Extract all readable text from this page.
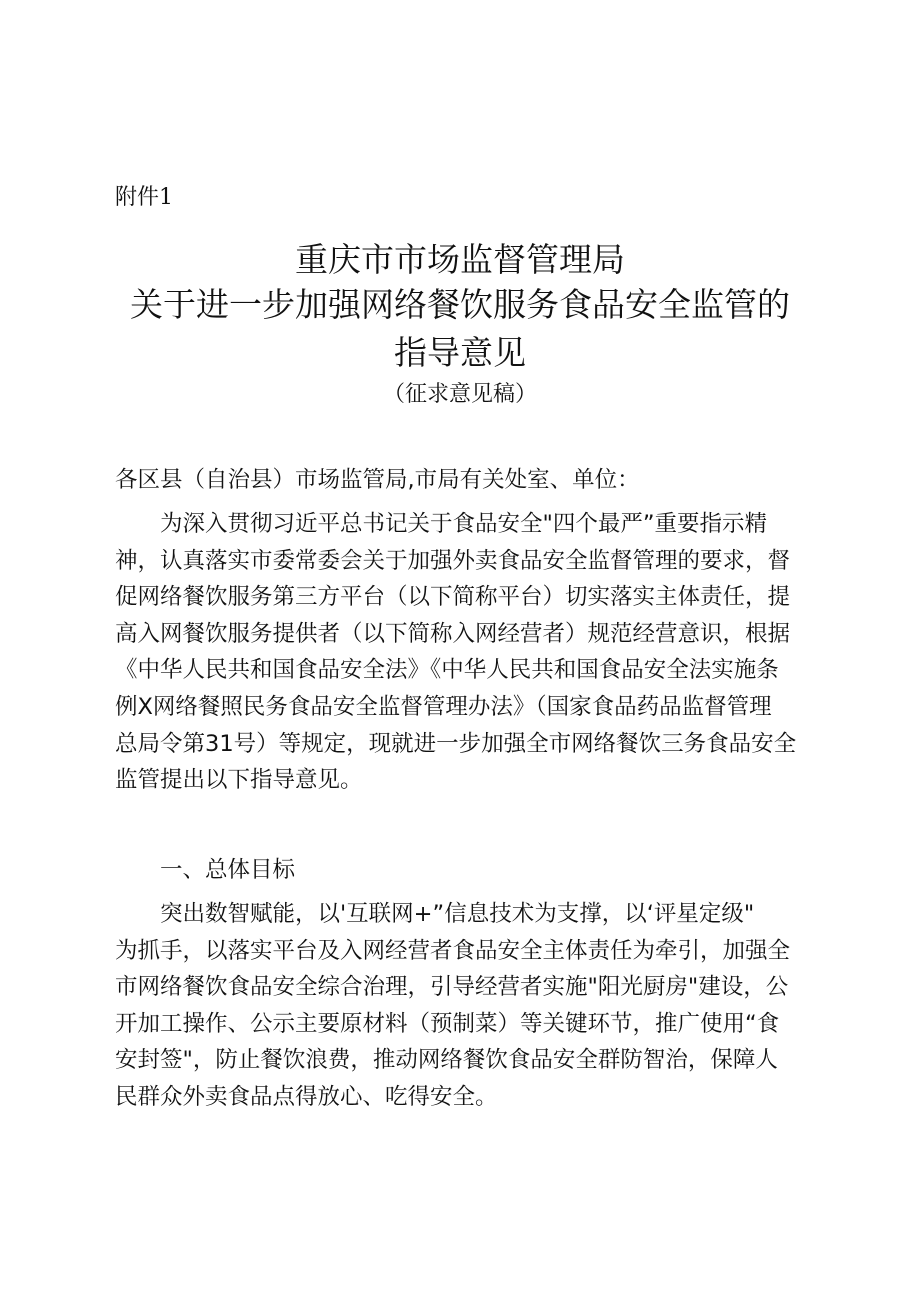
附件1
重庆市市场监督管理局
关于进一步加强网络餐饮服务食品安全监管的
指导意见
（征求意见稿）
各区县（自治县）市场监管局,市局有关处室、单位：
为深入贯彻习近平总书记关于食品安全"四个最严”重要指示精
神，认真落实市委常委会关于加强外卖食品安全监督管理的要求，督
促网络餐饮服务第三方平台（以下简称平台）切实落实主体责任，提
高入网餐饮服务提供者（以下简称入网经营者）规范经营意识，根据
《中华人民共和国食品安全法》《中华人民共和国食品安全法实施条
例X网络餐照民务食品安全监督管理办法》（国家食品药品监督管理
总局令第31号）等规定，现就进一步加强全市网络餐饮三务食品安全
监管提出以下指导意见。
一、总体目标
突出数智赋能，以'互联网+”信息技术为支撑，以‘评星定级"
为抓手，以落实平台及入网经营者食品安全主体责任为牵引，加强全
市网络餐饮食品安全综合治理，引导经营者实施"阳光厨房"建设，公
开加工操作、公示主要原材料（预制菜）等关键环节，推广使用“食
安封签"，防止餐饮浪费，推动网络餐饮食品安全群防智治，保障人
民群众外卖食品点得放心、吃得安全。
